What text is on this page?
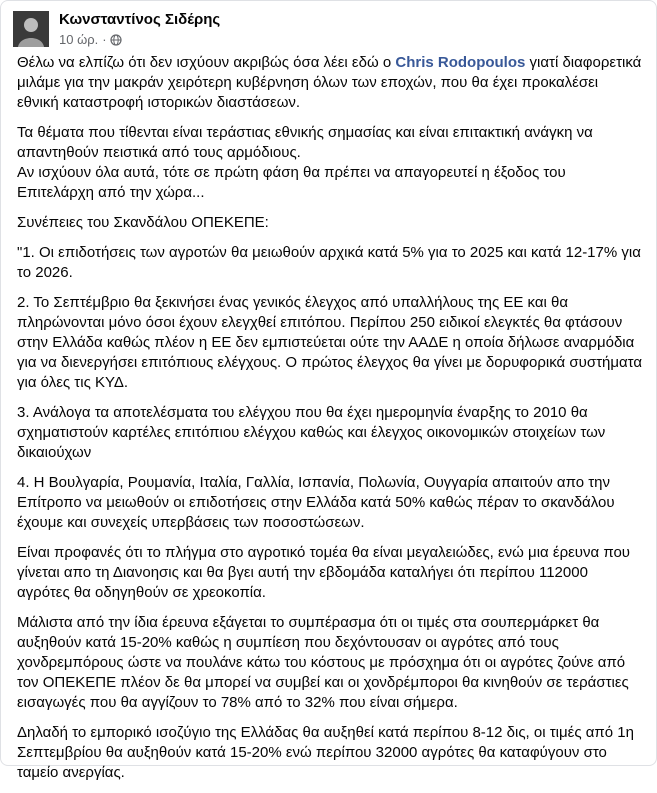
Κωνσταντίνος Σιδέρης
10 ώρ. ·

Θέλω να ελπίζω ότι δεν ισχύουν ακριβώς όσα λέει εδώ ο Chris Rodopoulos γιατί διαφορετικά μιλάμε για την μακράν χειρότερη κυβέρνηση όλων των εποχών, που θα έχει προκαλέσει εθνική καταστροφή ιστορικών διαστάσεων.

Τα θέματα που τίθενται είναι τεράστιας εθνικής σημασίας και είναι επιτακτική ανάγκη να απαντηθούν πειστικά από τους αρμόδιους.

Αν ισχύουν όλα αυτά, τότε σε πρώτη φάση θα πρέπει να απαγορευτεί η έξοδος του Επιτελάρχη από την χώρα...

Συνέπειες του Σκανδάλου ΟΠΕΚΕΠΕ:

"1. Οι επιδοτήσεις των αγροτών θα μειωθούν αρχικά κατά 5% για το 2025 και κατά 12-17% για το 2026.

2. Το Σεπτέμβριο θα ξεκινήσει ένας γενικός έλεγχος από υπαλλήλους της ΕΕ και θα πληρώνονται μόνο όσοι έχουν ελεγχθεί επιτόπου. Περίπου 250 ειδικοί ελεγκτές θα φτάσουν στην Ελλάδα καθώς πλέον η ΕΕ δεν εμπιστεύεται ούτε την ΑΑΔΕ η οποία δήλωσε αναρμόδια για να διενεργήσει επιτόπιους ελέγχους. Ο πρώτος έλεγχος θα γίνει με δορυφορικά συστήματα για όλες τις ΚΥΔ.

3. Ανάλογα τα αποτελέσματα του ελέγχου που θα έχει ημερομηνία έναρξης το 2010 θα σχηματιστούν καρτέλες επιτόπιου ελέγχου καθώς και έλεγχος οικονομικών στοιχείων των δικαιούχων

4. Η Βουλγαρία, Ρουμανία, Ιταλία, Γαλλία, Ισπανία, Πολωνία, Ουγγαρία απαιτούν απο την Επίτροπο να μειωθούν οι επιδοτήσεις στην Ελλάδα κατά 50% καθώς πέραν το σκανδάλου έχουμε και συνεχείς υπερβάσεις των ποσοστώσεων.

Είναι προφανές ότι το πλήγμα στο αγροτικό τομέα θα είναι μεγαλειώδες, ενώ μια έρευνα που γίνεται απο τη Διανοησις και θα βγει αυτή την εβδομάδα καταλήγει ότι περίπου 112000 αγρότες θα οδηγηθούν σε χρεοκοπία.

Μάλιστα από την ίδια έρευνα εξάγεται το συμπέρασμα ότι οι τιμές στα σουπερμάρκετ θα αυξηθούν κατά 15-20% καθώς η συμπίεση που δεχόντουσαν οι αγρότες από τους χονδρεμπόρους ώστε να πουλάνε κάτω του κόστους με πρόσχημα ότι οι αγρότες ζούνε από τον ΟΠΕΚΕΠΕ πλέον δε θα μπορεί να συμβεί και οι χονδρέμποροι θα κινηθούν σε τεράστιες εισαγωγές που θα αγγίζουν το 78% από το 32% που είναι σήμερα.

Δηλαδή το εμπορικό ισοζύγιο της Ελλάδας θα αυξηθεί κατά περίπου 8-12 δις, οι τιμές από 1η Σεπτεμβρίου θα αυξηθούν κατά 15-20% ενώ περίπου 32000 αγρότες θα καταφύγουν στο ταμείο ανεργίας.
